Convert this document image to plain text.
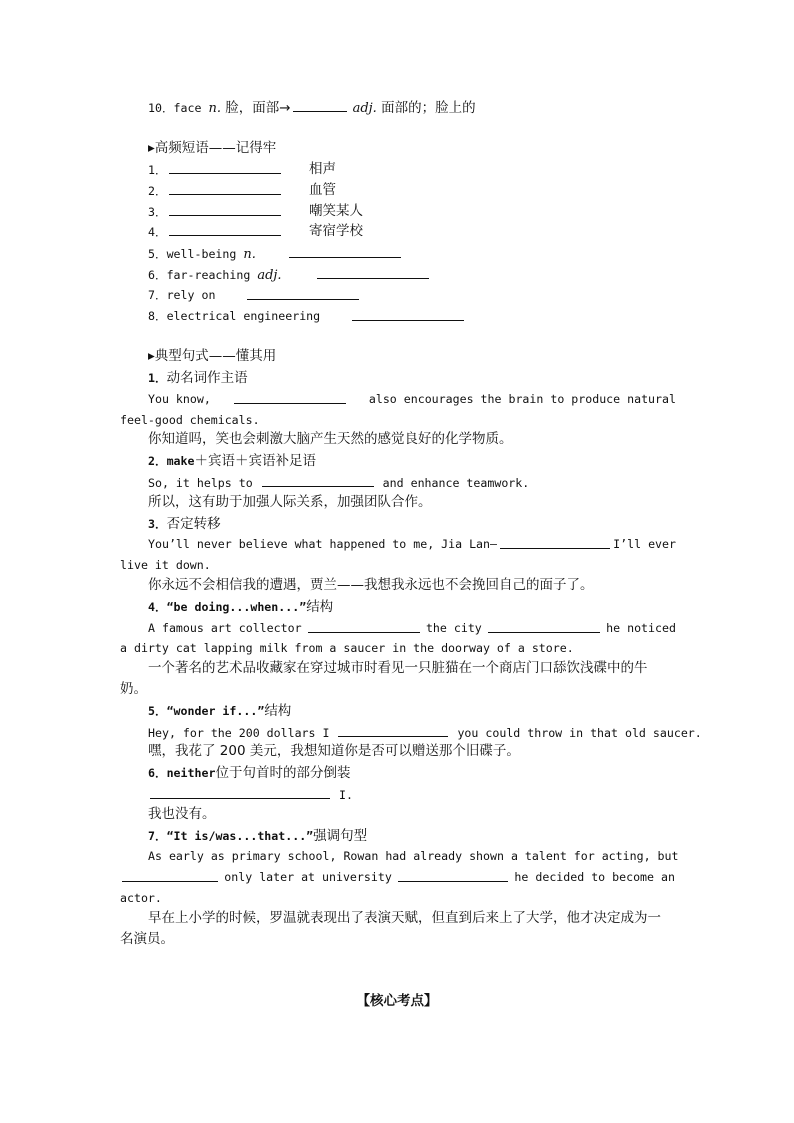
10．face n. 脸，面部→	adj. 面部的；脸上的
▸高频短语——记得牢
1．	相声
2．	血管
3．	嘲笑某人
4．	寄宿学校
5．well-being n.
6．far-reaching adj.
7．rely on
8．electrical engineering
▸典型句式——懂其用
1．动名词作主语
You know,	also encourages the brain to produce natural
feel-good chemicals.
你知道吗，笑也会刺激大脑产生天然的感觉良好的化学物质。
2．make＋宾语＋宾语补足语
So, it helps to	and enhance teamwork.
所以，这有助于加强人际关系，加强团队合作。
3．否定转移
You’ll never believe what happened to me, Jia Lan—	I’ll ever
live it down.
你永远不会相信我的遭遇，贾兰——我想我永远也不会挽回自己的面子了。
4．“be doing...when...”结构
A famous art collector	the city	he noticed
a dirty cat lapping milk from a saucer in the doorway of a store.
一个著名的艺术品收藏家在穿过城市时看见一只脏猫在一个商店门口舔饮浅碟中的牛
奶。
5．“wonder if...”结构
Hey, for the 200 dollars I	you could throw in that old saucer.
嘿，我花了 200 美元，我想知道你是否可以赠送那个旧碟子。
6．neither位于句首时的部分倒装
I.
我也没有。
7．“It is/was...that...”强调句型
As early as primary school, Rowan had already shown a talent for acting, but
only later at university	he decided to become an
actor.
早在上小学的时候，罗温就表现出了表演天赋，但直到后来上了大学，他才决定成为一
名演员。
【核心考点】
